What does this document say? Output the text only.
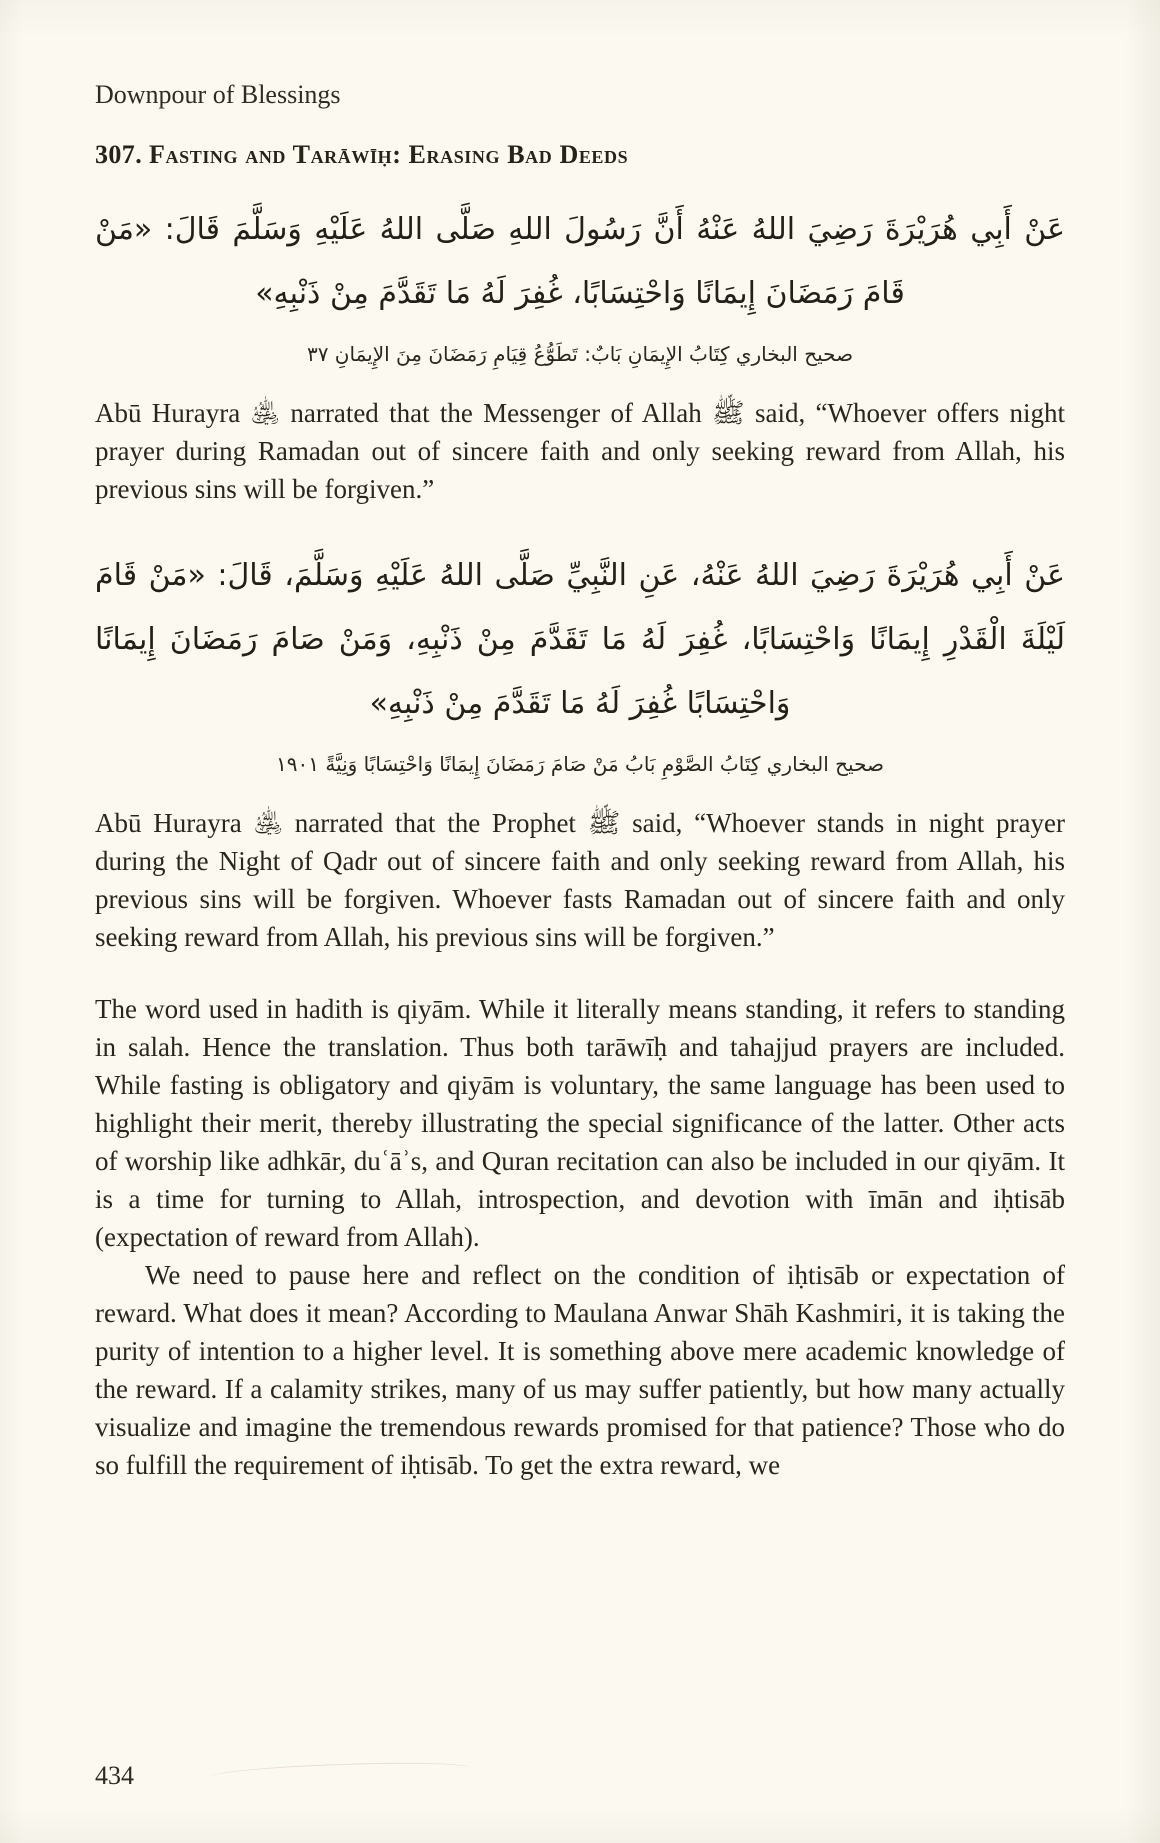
Downpour of Blessings
307. Fasting and Tarāwīḥ: Erasing Bad Deeds
عَنْ أَبِي هُرَيْرَةَ رَضِيَ اللهُ عَنْهُ أَنَّ رَسُولَ اللهِ صَلَّى اللهُ عَلَيْهِ وَسَلَّمَ قَالَ: «مَنْ قَامَ رَمَضَانَ إِيمَانًا وَاحْتِسَابًا، غُفِرَ لَهُ مَا تَقَدَّمَ مِنْ ذَنْبِهِ»
صحيح البخاري كِتَابُ الإِيمَانِ بَابٌ: تَطَوُّعُ قِيَامِ رَمَضَانَ مِنَ الإِيمَانِ ٣٧

Abū Hurayra ﵁ narrated that the Messenger of Allah ﷺ said, “Whoever offers night prayer during Ramadan out of sincere faith and only seeking reward from Allah, his previous sins will be forgiven.”

عَنْ أَبِي هُرَيْرَةَ رَضِيَ اللهُ عَنْهُ، عَنِ النَّبِيِّ صَلَّى اللهُ عَلَيْهِ وَسَلَّمَ، قَالَ: «مَنْ قَامَ لَيْلَةَ الْقَدْرِ إِيمَانًا وَاحْتِسَابًا، غُفِرَ لَهُ مَا تَقَدَّمَ مِنْ ذَنْبِهِ، وَمَنْ صَامَ رَمَضَانَ إِيمَانًا وَاحْتِسَابًا غُفِرَ لَهُ مَا تَقَدَّمَ مِنْ ذَنْبِهِ»
صحيح البخاري كِتَابُ الصَّوْمِ بَابُ مَنْ صَامَ رَمَضَانَ إِيمَانًا وَاحْتِسَابًا وَنِيَّةً ١٩٠١

Abū Hurayra ﵁ narrated that the Prophet ﷺ said, “Whoever stands in night prayer during the Night of Qadr out of sincere faith and only seeking reward from Allah, his previous sins will be forgiven. Whoever fasts Ramadan out of sincere faith and only seeking reward from Allah, his previous sins will be forgiven.”

The word used in hadith is qiyām. While it literally means standing, it refers to standing in salah. Hence the translation. Thus both tarāwīḥ and tahajjud prayers are included. While fasting is obligatory and qiyām is voluntary, the same language has been used to highlight their merit, thereby illustrating the special significance of the latter. Other acts of worship like adhkār, duʿāʾs, and Quran recitation can also be included in our qiyām. It is a time for turning to Allah, introspection, and devotion with īmān and iḥtisāb (expectation of reward from Allah).

We need to pause here and reflect on the condition of iḥtisāb or expectation of reward. What does it mean? According to Maulana Anwar Shāh Kashmiri, it is taking the purity of intention to a higher level. It is something above mere academic knowledge of the reward. If a calamity strikes, many of us may suffer patiently, but how many actually visualize and imagine the tremendous rewards promised for that patience? Those who do so fulfill the requirement of iḥtisāb. To get the extra reward, we

434
